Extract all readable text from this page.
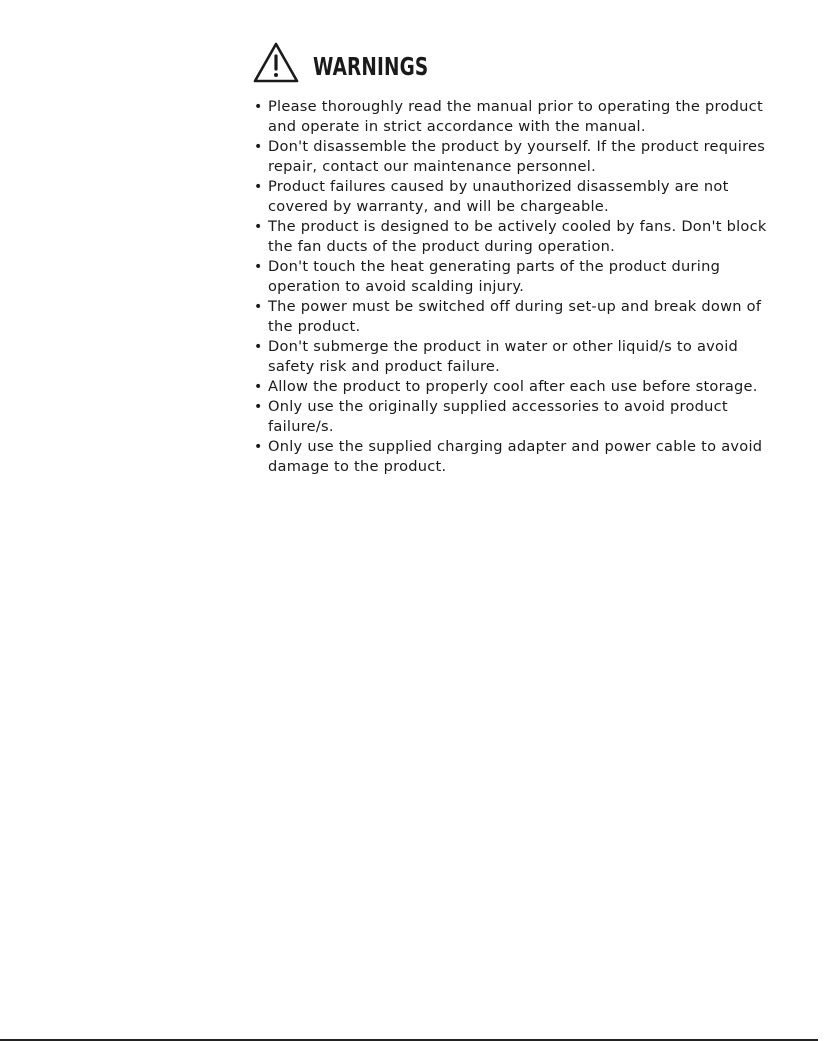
WARNINGS
• Please thoroughly read the manual prior to operating the product
and operate in strict accordance with the manual.
• Don't disassemble the product by yourself. If the product requires
repair, contact our maintenance personnel.
• Product failures caused by unauthorized disassembly are not
covered by warranty, and will be chargeable.
• The product is designed to be actively cooled by fans. Don't block
the fan ducts of the product during operation.
• Don't touch the heat generating parts of the product during
operation to avoid scalding injury.
• The power must be switched off during set-up and break down of
the product.
• Don't submerge the product in water or other liquid/s to avoid
safety risk and product failure.
• Allow the product to properly cool after each use before storage.
• Only use the originally supplied accessories to avoid product
failure/s.
• Only use the supplied charging adapter and power cable to avoid
damage to the product.
